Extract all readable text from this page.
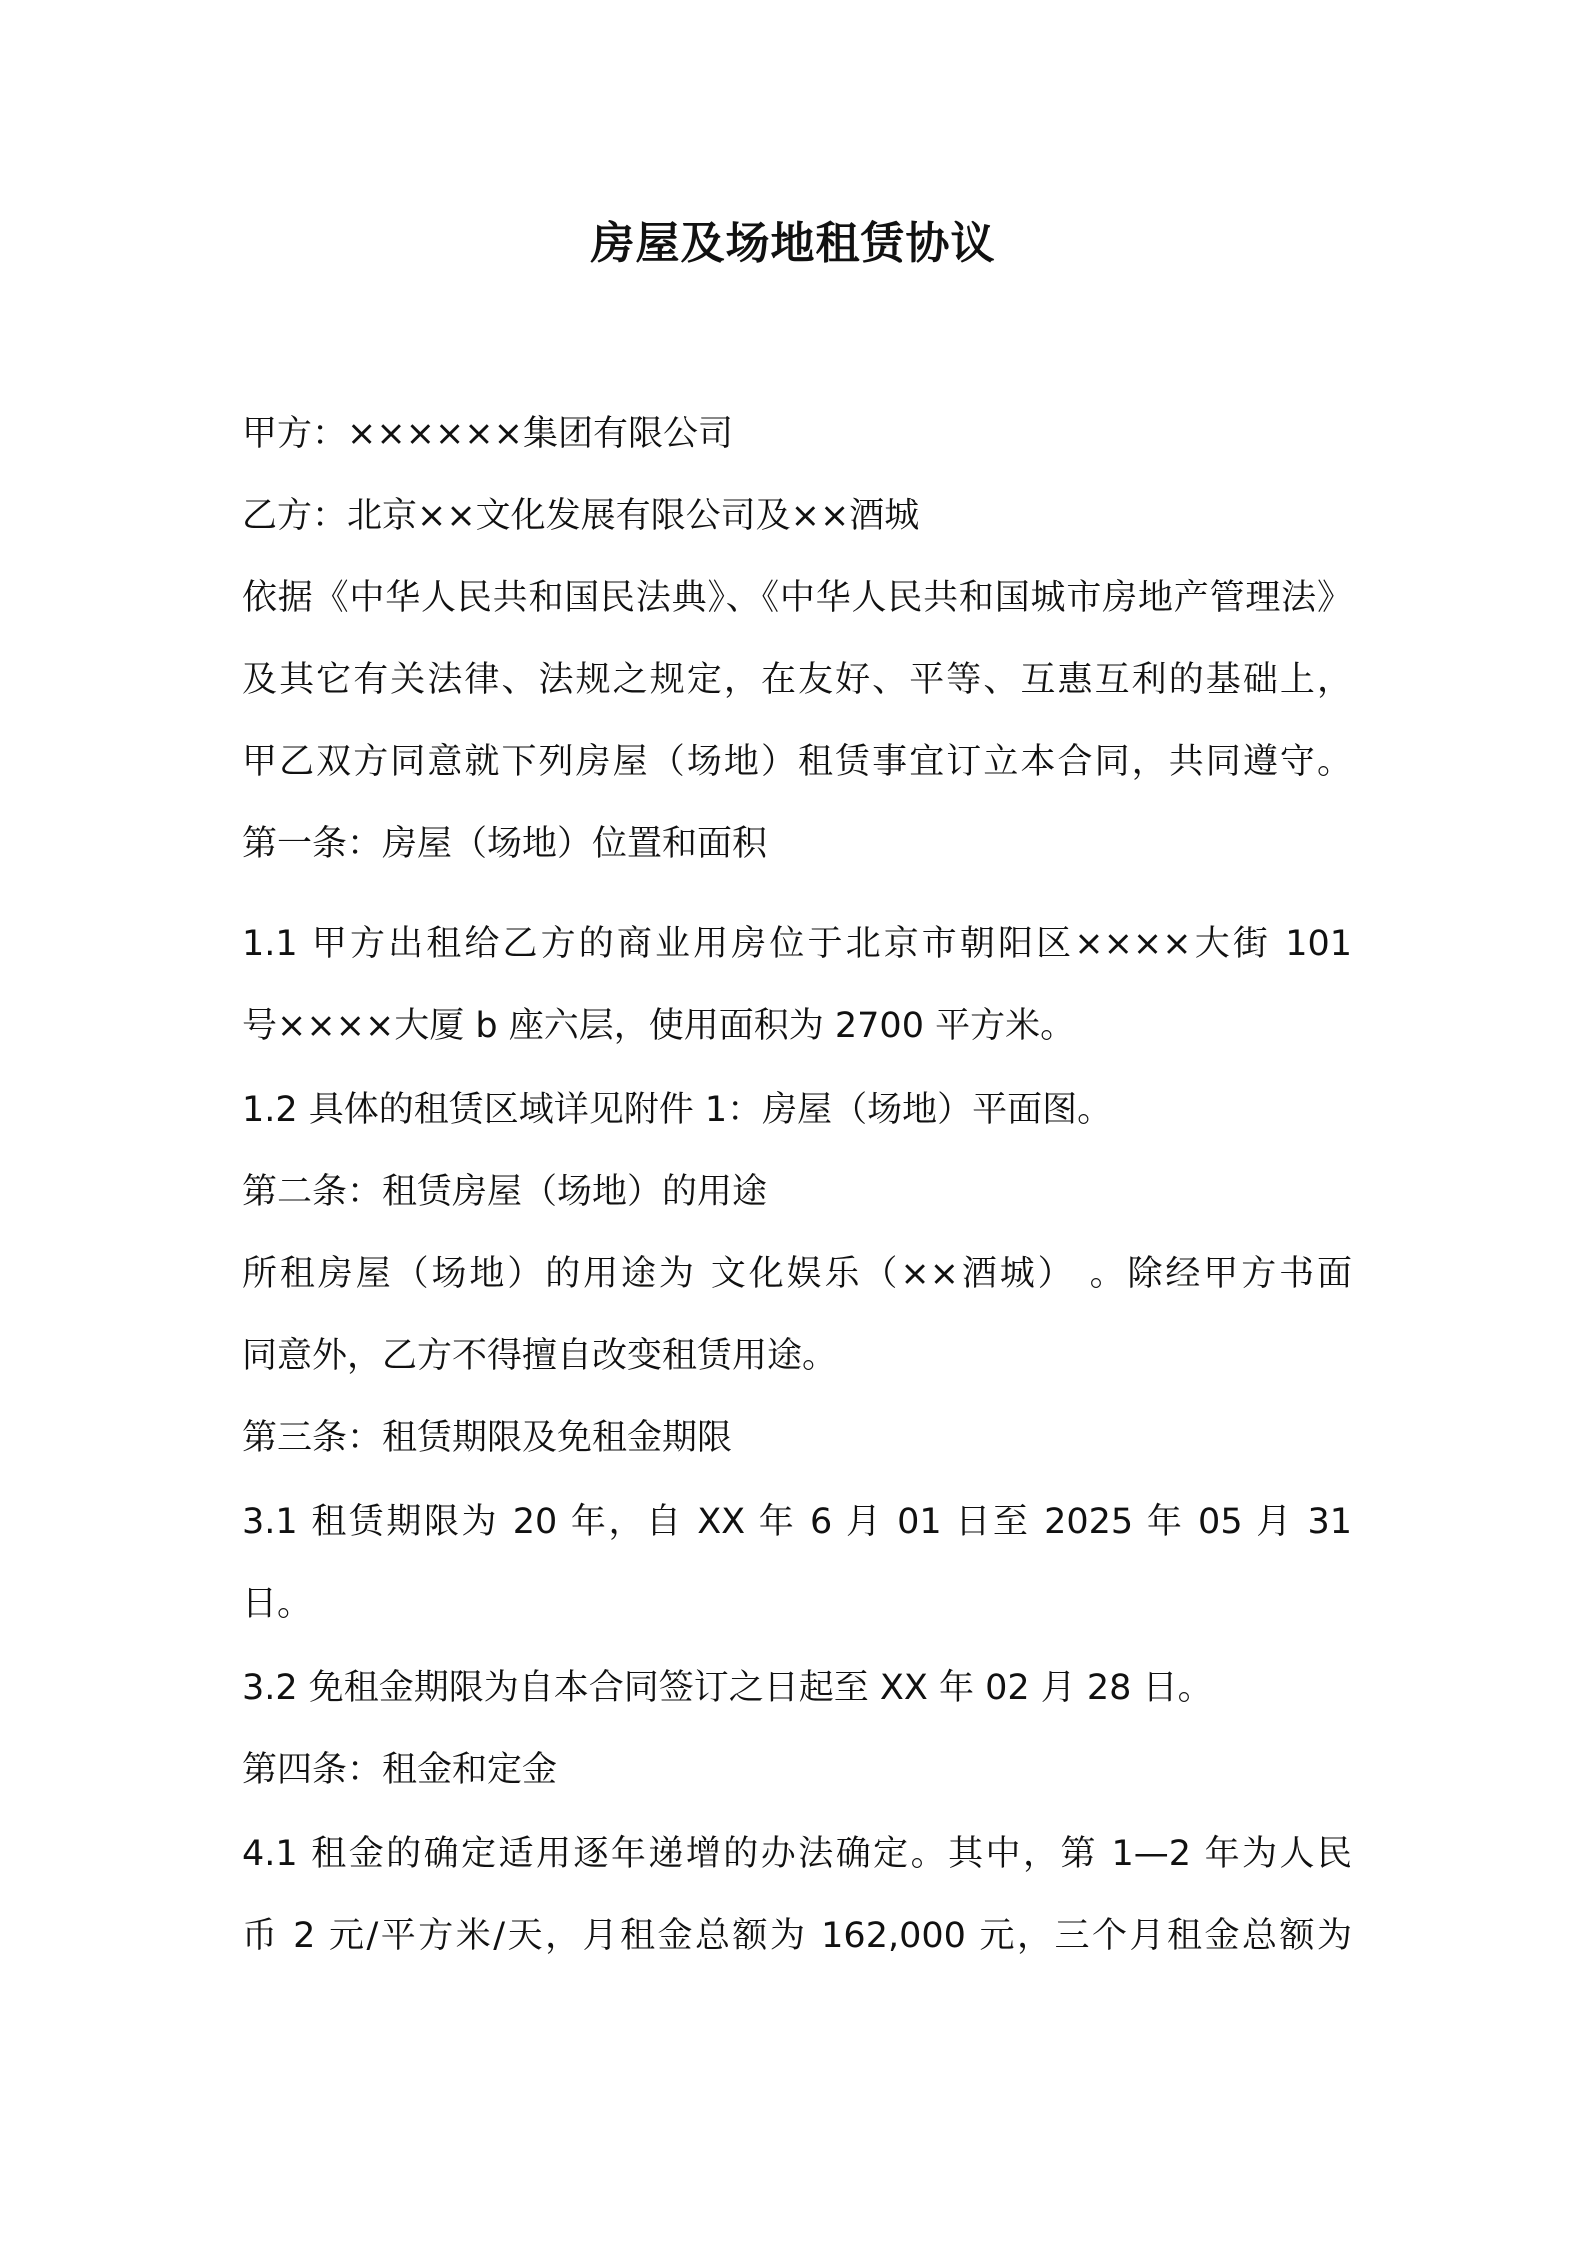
房屋及场地租赁协议
甲方：××××××集团有限公司
乙方：北京××文化发展有限公司及××酒城
依据《中华人民共和国民法典》、《中华人民共和国城市房地产管理法》
及其它有关法律、法规之规定，在友好、平等、互惠互利的基础上，
甲乙双方同意就下列房屋（场地）租赁事宜订立本合同，共同遵守。
第一条：房屋（场地）位置和面积
1.1 甲方出租给乙方的商业用房位于北京市朝阳区××××大街 101
号××××大厦 b 座六层，使用面积为 2700 平方米。
1.2 具体的租赁区域详见附件 1：房屋（场地）平面图。
第二条：租赁房屋（场地）的用途
所租房屋（场地）的用途为 文化娱乐（××酒城） 。除经甲方书面
同意外，乙方不得擅自改变租赁用途。
第三条：租赁期限及免租金期限
3.1 租赁期限为 20 年，自 XX 年 6 月 01 日至 2025 年 05 月 31
日。
3.2 免租金期限为自本合同签订之日起至 XX 年 02 月 28 日。
第四条：租金和定金
4.1 租金的确定适用逐年递增的办法确定。其中，第 1—2 年为人民
币 2 元/平方米/天，月租金总额为 162,000 元，三个月租金总额为
